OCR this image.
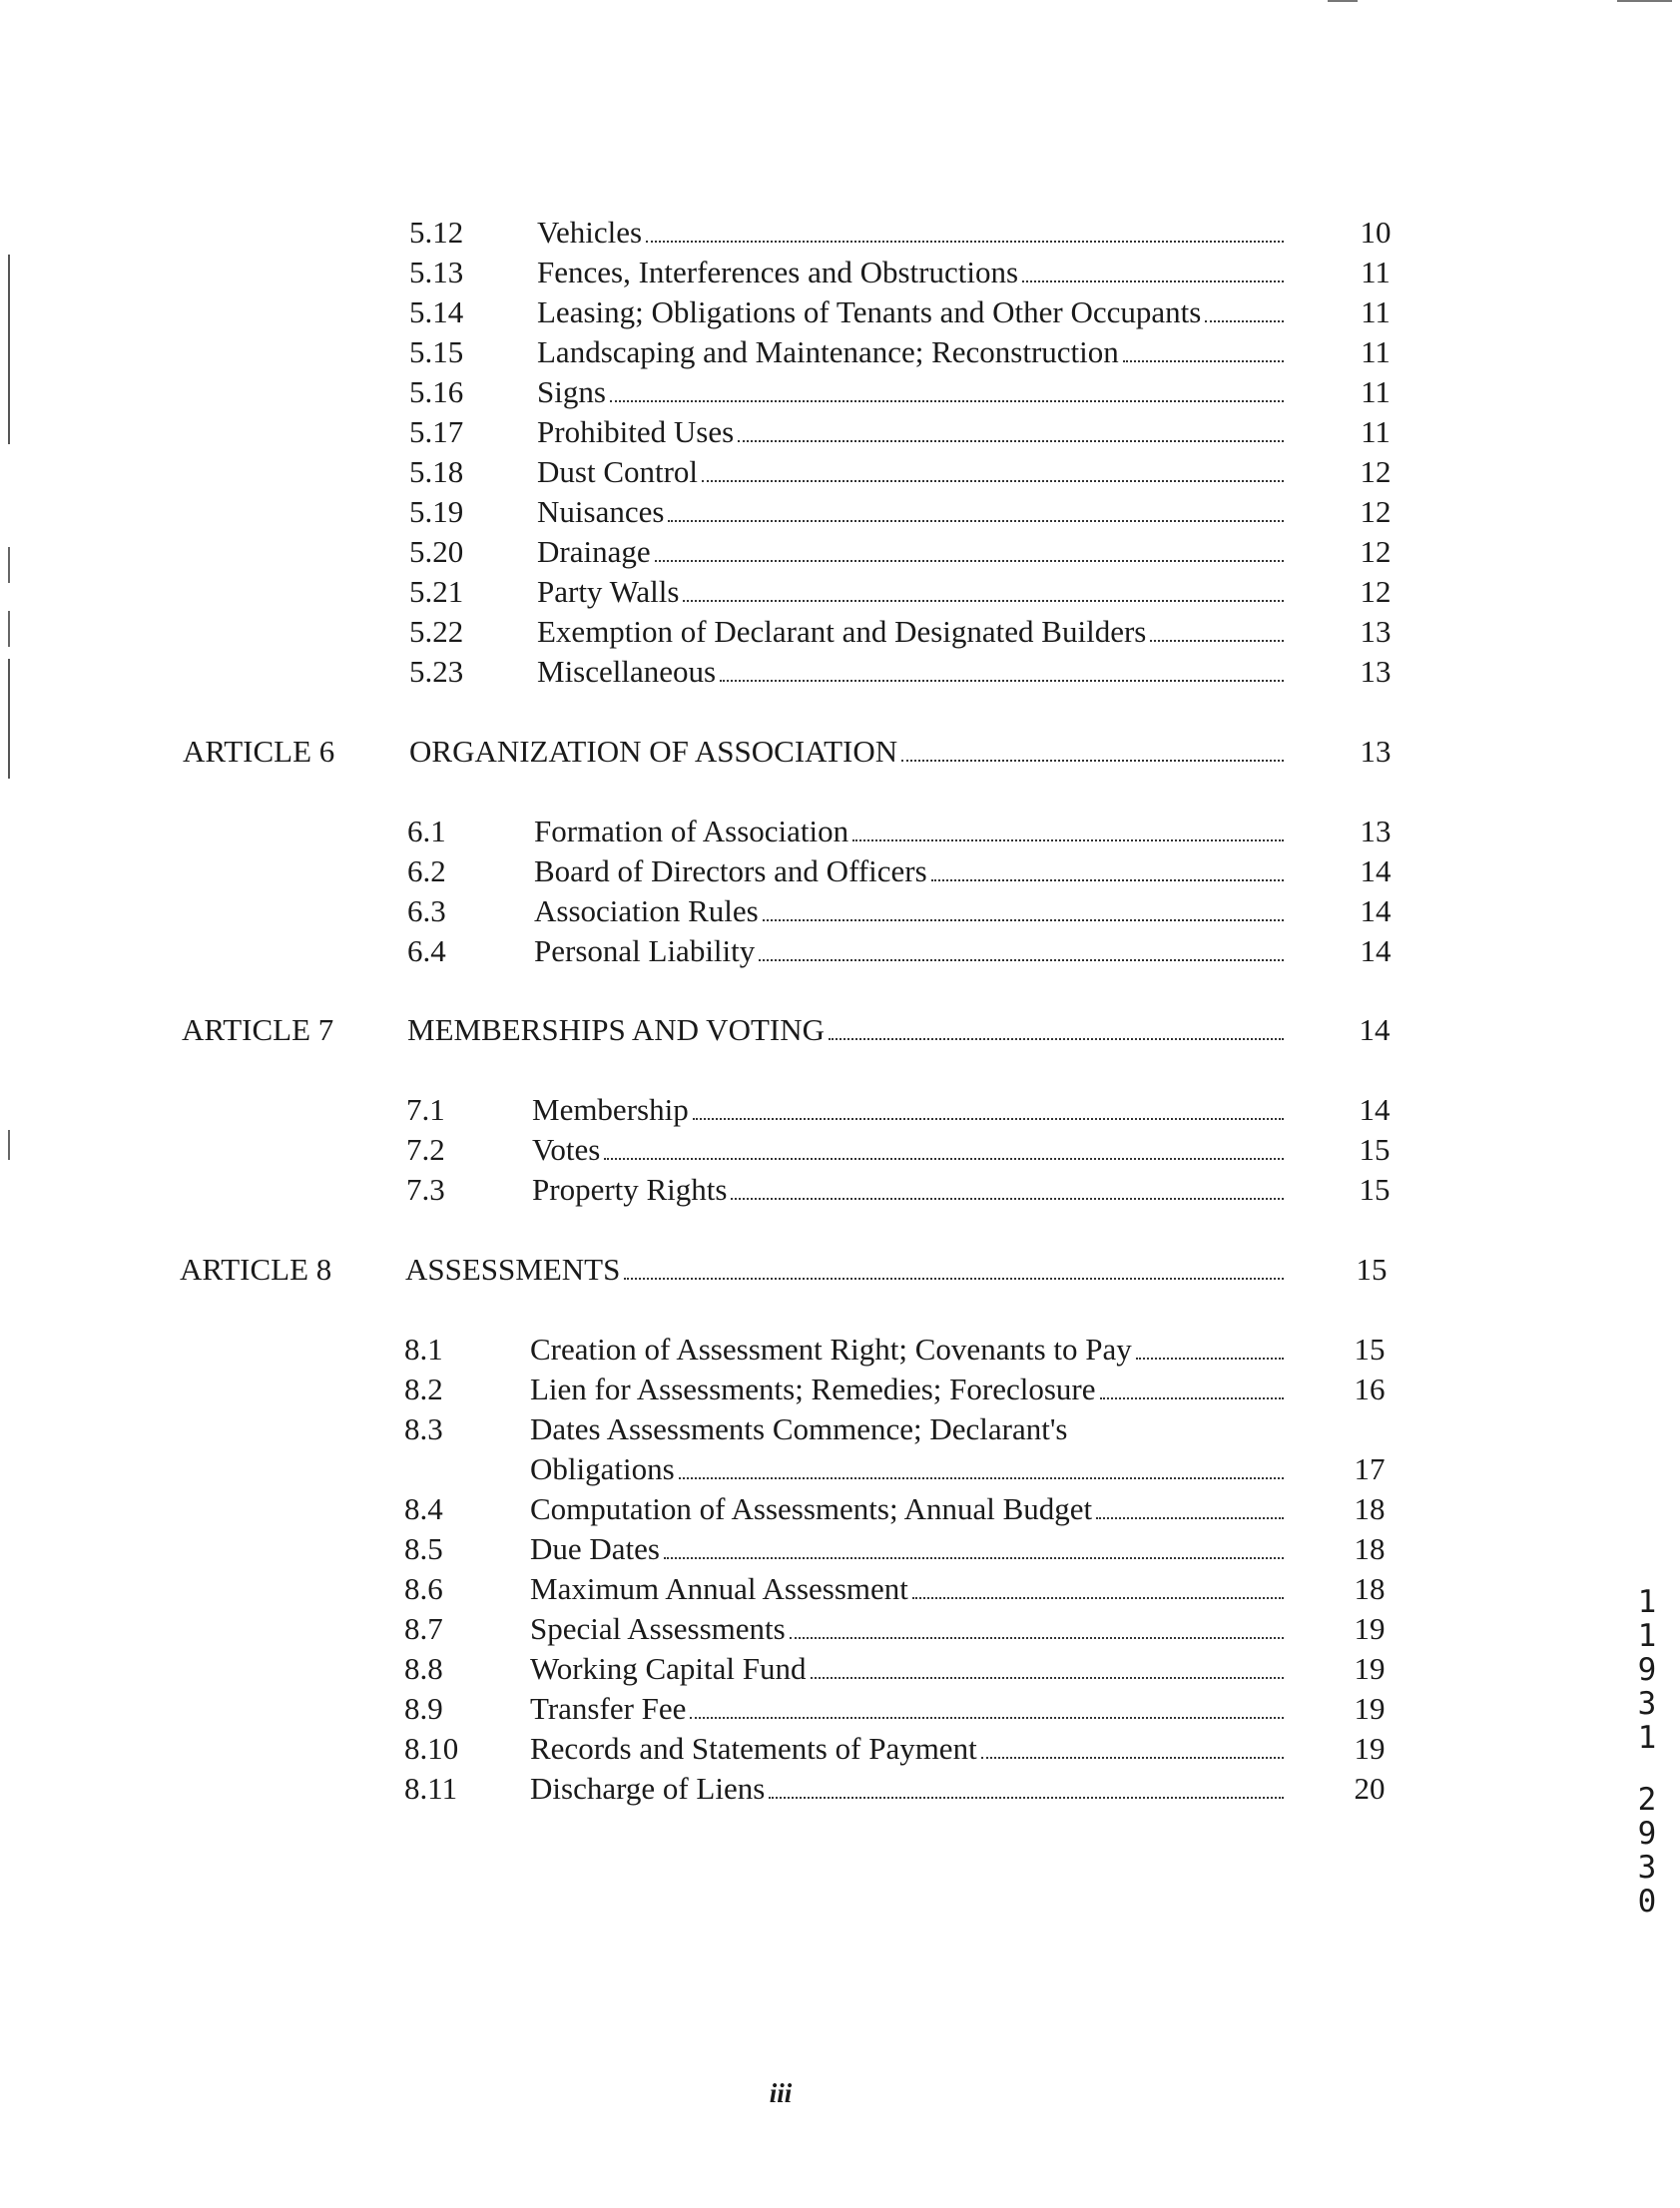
5.12 Vehicles	10
5.13 Fences, Interferences and Obstructions	11
5.14 Leasing; Obligations of Tenants and Other Occupants	11
5.15 Landscaping and Maintenance; Reconstruction	11
5.16 Signs	11
5.17 Prohibited Uses	11
5.18 Dust Control	12
5.19 Nuisances	12
5.20 Drainage	12
5.21 Party Walls	12
5.22 Exemption of Declarant and Designated Builders	13
5.23 Miscellaneous	13
ARTICLE 6 ORGANIZATION OF ASSOCIATION	13
6.1	Formation of Association	13
6.2	Board of Directors and Officers	14
6.3	Association Rules	14
6.4	Personal Liability	14
ARTICLE 7 MEMBERSHIPS AND VOTING	14
7.1	Membership	14
7.2	Votes	15
7.3	Property Rights	15
ARTICLE 8 ASSESSMENTS	15
8.1	Creation of Assessment Right; Covenants to Pay	15
8.2	Lien for Assessments; Remedies; Foreclosure	16
8.3	Dates Assessments Commence; Declarant's
Obligations	17
8.4	Computation of Assessments; Annual Budget	18
8.5	Due Dates	18
8.6	Maximum Annual Assessment	18
8.7	Special Assessments	19
8.8	Working Capital Fund	19
8.9	Transfer Fee	19
8.10 Records and Statements of Payment	19
8.11 Discharge of Liens	20
iii
1
1
9
3
1
2
9
3
0
